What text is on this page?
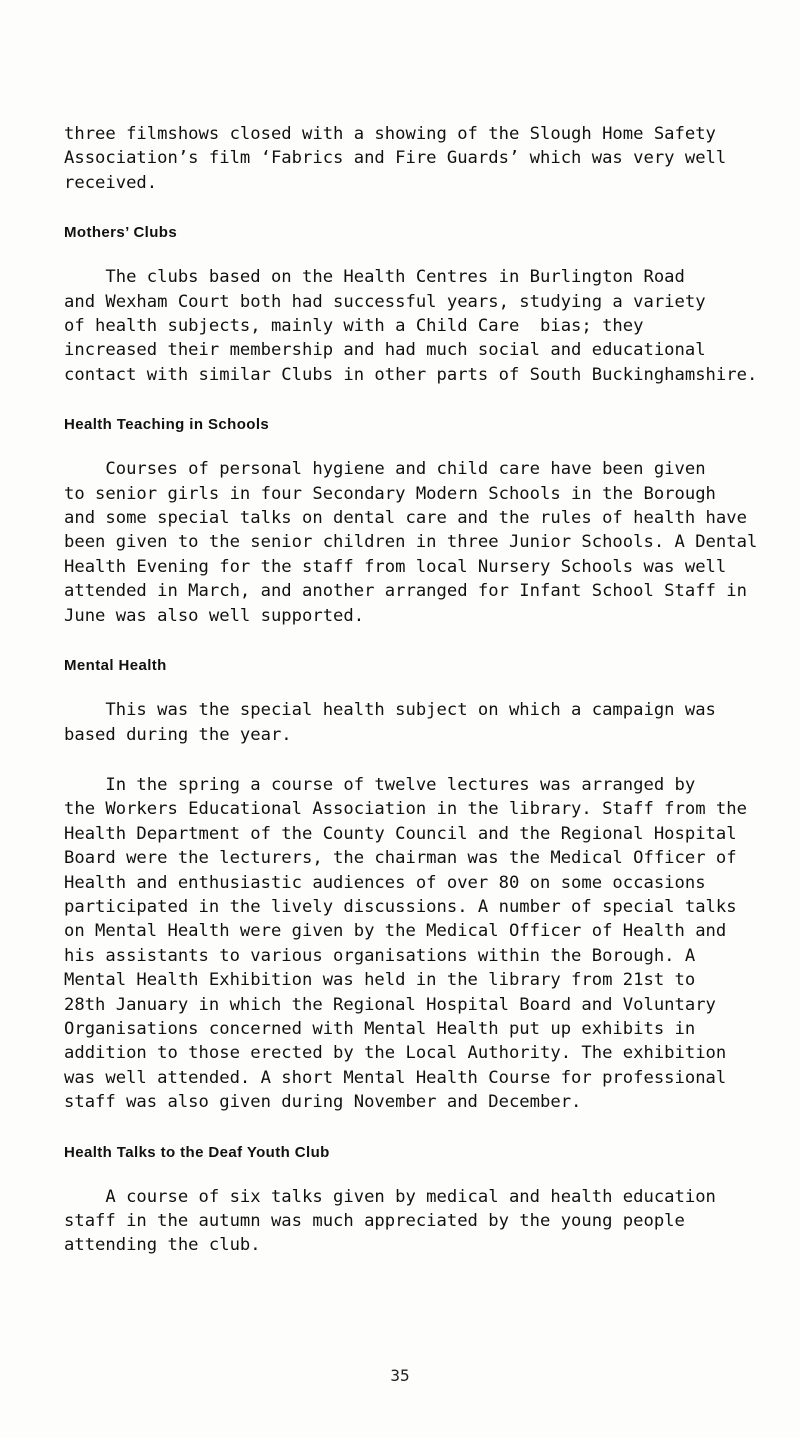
three filmshows closed with a showing of the Slough Home Safety
Association’s film ‘Fabrics and Fire Guards’ which was very well
received.
Mothers’ Clubs
The clubs based on the Health Centres in Burlington Road
and Wexham Court both had successful years, studying a variety
of health subjects, mainly with a Child Care  bias; they
increased their membership and had much social and educational
contact with similar Clubs in other parts of South Buckinghamshire.
Health Teaching in Schools
Courses of personal hygiene and child care have been given
to senior girls in four Secondary Modern Schools in the Borough
and some special talks on dental care and the rules of health have
been given to the senior children in three Junior Schools. A Dental
Health Evening for the staff from local Nursery Schools was well
attended in March, and another arranged for Infant School Staff in
June was also well supported.
Mental Health
This was the special health subject on which a campaign was
based during the year.
In the spring a course of twelve lectures was arranged by
the Workers Educational Association in the library. Staff from the
Health Department of the County Council and the Regional Hospital
Board were the lecturers, the chairman was the Medical Officer of
Health and enthusiastic audiences of over 80 on some occasions
participated in the lively discussions. A number of special talks
on Mental Health were given by the Medical Officer of Health and
his assistants to various organisations within the Borough. A
Mental Health Exhibition was held in the library from 21st to
28th January in which the Regional Hospital Board and Voluntary
Organisations concerned with Mental Health put up exhibits in
addition to those erected by the Local Authority. The exhibition
was well attended. A short Mental Health Course for professional
staff was also given during November and December.
Health Talks to the Deaf Youth Club
A course of six talks given by medical and health education
staff in the autumn was much appreciated by the young people
attending the club.
35
